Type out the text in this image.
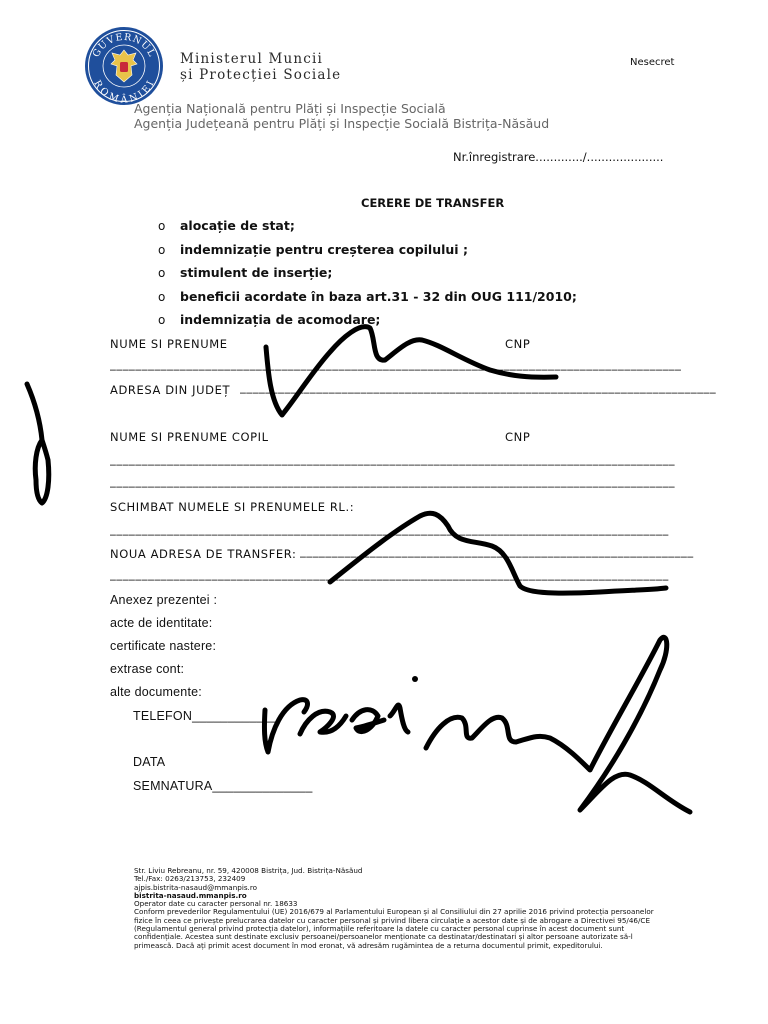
GUVERNUL
ROMÂNIEI
Ministerul Muncii
și Protecției Sociale
Nesecret
Agenția Națională pentru Plăți și Inspecție Socială
Agenția Județeană pentru Plăți și Inspecție Socială Bistrița-Năsăud
Nr.înregistrare............./.....................
CERERE DE TRANSFER
o alocație de stat;
o indemnizație pentru creșterea copilului ;
o stimulent de inserție;
o beneficii acordate în baza art.31 - 32 din OUG 111/2010;
o indemnizația de acomodare;
NUME SI PRENUME	CNP
__________________________________________________________________________________________
ADRESA DIN JUDEȚ ___________________________________________________________________________
NUME SI PRENUME COPIL	CNP
_________________________________________________________________________________________
_________________________________________________________________________________________
SCHIMBAT NUMELE SI PRENUMELE RL.:
________________________________________________________________________________________
NOUA ADRESA DE TRANSFER: ______________________________________________________________
________________________________________________________________________________________
Anexez prezentei :
acte de identitate:
certificate nastere:
extrase cont:
alte documente:
TELEFON____________
DATA
SEMNATURA______________
Str. Liviu Rebreanu, nr. 59, 420008 Bistrița, Jud. Bistrița-Năsăud
Tel./Fax: 0263/213753, 232409
ajpis.bistrita-nasaud@mmanpis.ro
bistrita-nasaud.mmanpis.ro
Operator date cu caracter personal nr. 18633
Conform prevederilor Regulamentului (UE) 2016/679 al Parlamentului European și al Consiliului din 27 aprilie 2016 privind protecția persoanelor
fizice în ceea ce privește prelucrarea datelor cu caracter personal și privind libera circulație a acestor date și de abrogare a Directivei 95/46/CE
(Regulamentul general privind protecția datelor), informațiile referitoare la datele cu caracter personal cuprinse în acest document sunt
confidențiale. Acestea sunt destinate exclusiv persoanei/persoanelor menționate ca destinatar/destinatari și altor persoane autorizate să-l
primească. Dacă ați primit acest document în mod eronat, vă adresăm rugămintea de a returna documentul primit, expeditorului.
